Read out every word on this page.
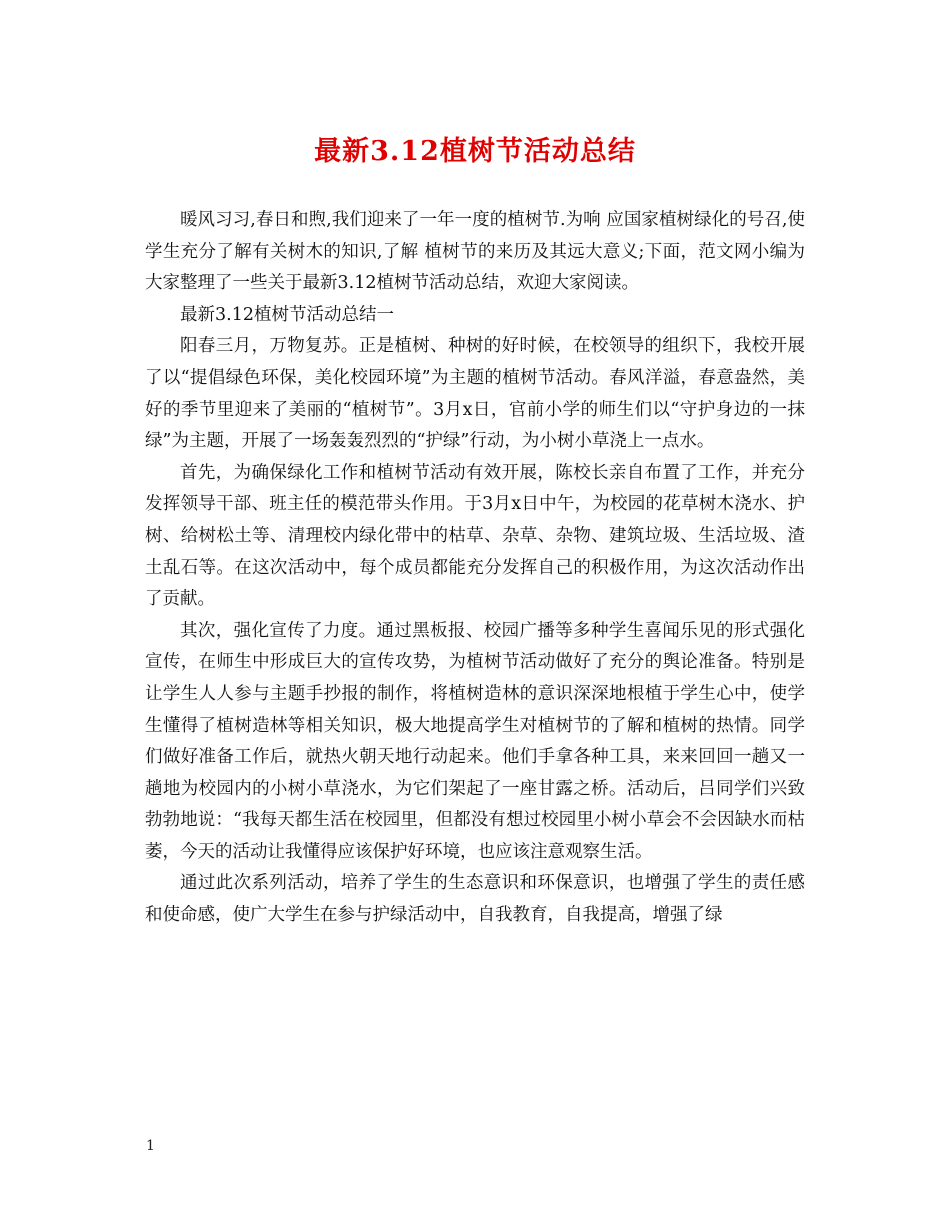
最新3.12植树节活动总结

暖风习习,春日和煦,我们迎来了一年一度的植树节.为响 应国家植树绿化的号召,使学生充分了解有关树木的知识,了解 植树节的来历及其远大意义;下面，范文网小编为大家整理了一些关于最新3.12植树节活动总结，欢迎大家阅读。

最新3.12植树节活动总结一

阳春三月，万物复苏。正是植树、种树的好时候，在校领导的组织下，我校开展了以“提倡绿色环保，美化校园环境”为主题的植树节活动。春风洋溢，春意盎然，美好的季节里迎来了美丽的“植树节”。3月x日，官前小学的师生们以“守护身边的一抹绿”为主题，开展了一场轰轰烈烈的“护绿”行动，为小树小草浇上一点水。

首先，为确保绿化工作和植树节活动有效开展，陈校长亲自布置了工作，并充分发挥领导干部、班主任的模范带头作用。于3月x日中午，为校园的花草树木浇水、护树、给树松土等、清理校内绿化带中的枯草、杂草、杂物、建筑垃圾、生活垃圾、渣土乱石等。在这次活动中，每个成员都能充分发挥自己的积极作用，为这次活动作出了贡献。

其次，强化宣传了力度。通过黑板报、校园广播等多种学生喜闻乐见的形式强化宣传，在师生中形成巨大的宣传攻势，为植树节活动做好了充分的舆论准备。特别是让学生人人参与主题手抄报的制作，将植树造林的意识深深地根植于学生心中，使学生懂得了植树造林等相关知识，极大地提高学生对植树节的了解和植树的热情。同学们做好准备工作后，就热火朝天地行动起来。他们手拿各种工具，来来回回一趟又一趟地为校园内的小树小草浇水，为它们架起了一座甘露之桥。活动后，吕同学们兴致勃勃地说：“我每天都生活在校园里，但都没有想过校园里小树小草会不会因缺水而枯萎，今天的活动让我懂得应该保护好环境，也应该注意观察生活。

通过此次系列活动，培养了学生的生态意识和环保意识，也增强了学生的责任感和使命感，使广大学生在参与护绿活动中，自我教育，自我提高，增强了绿

1
